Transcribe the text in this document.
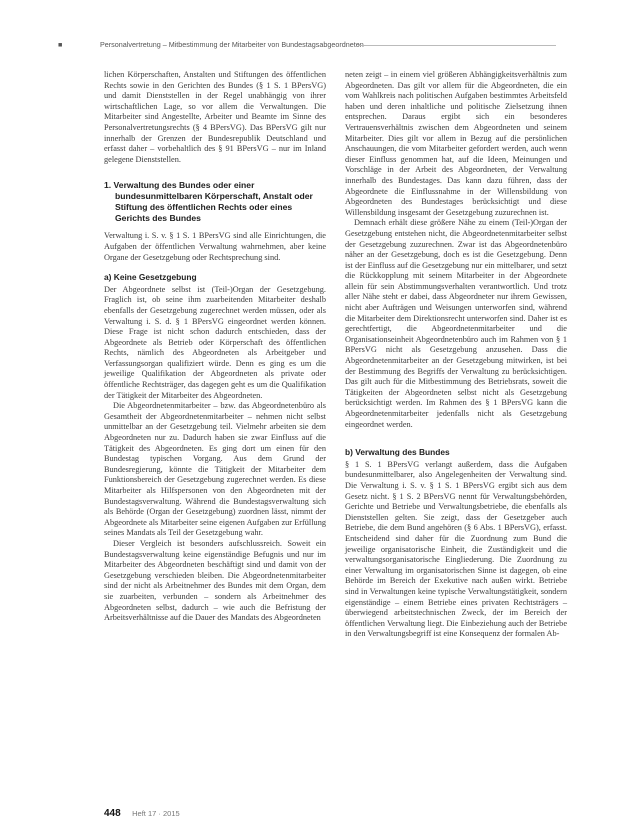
■	Personalvertretung – Mitbestimmung der Mitarbeiter von Bundestagsabgeordneten

lichen Körperschaften, Anstalten und Stiftungen des öffentlichen Rechts sowie in den Gerichten des Bundes (§ 1 S. 1 BPersVG) und damit Dienststellen in der Regel unabhängig von ihrer wirtschaftlichen Lage, so vor allem die Verwaltungen. Die Mitarbeiter sind Angestellte, Arbeiter und Beamte im Sinne des Personalvertretungsrechts (§ 4 BPersVG). Das BPersVG gilt nur innerhalb der Grenzen der Bundesrepublik Deutschland und erfasst daher – vorbehaltlich des § 91 BPersVG – nur im Inland gelegene Dienststellen.

1. Verwaltung des Bundes oder einer bundesunmittelbaren Körperschaft, Anstalt oder Stiftung des öffentlichen Rechts oder eines Gerichts des Bundes

Verwaltung i. S. v. § 1 S. 1 BPersVG sind alle Einrichtungen, die Aufgaben der öffentlichen Verwaltung wahrnehmen, aber keine Organe der Gesetzgebung oder Rechtsprechung sind.

a) Keine Gesetzgebung

Der Abgeordnete selbst ist (Teil-)Organ der Gesetzgebung. Fraglich ist, ob seine ihm zuarbeitenden Mitarbeiter deshalb ebenfalls der Gesetzgebung zugerechnet werden müssen, oder als Verwaltung i. S. d. § 1 BPersVG eingeordnet werden können. Diese Frage ist nicht schon dadurch entschieden, dass der Abgeordnete als Betrieb oder Körperschaft des öffentlichen Rechts, nämlich des Abgeordneten als Arbeitgeber und Verfassungsorgan qualifiziert würde. Denn es ging es um die jeweilige Qualifikation der Abgeordneten als private oder öffentliche Rechtsträger, das dagegen geht es um die Qualifikation der Tätigkeit der Mitarbeiter des Abgeordneten.

Die Abgeordnetenmitarbeiter – bzw. das Abgeordnetenbüro als Gesamtheit der Abgeordnetenmitarbeiter – nehmen nicht selbst unmittelbar an der Gesetzgebung teil. Vielmehr arbeiten sie dem Abgeordneten nur zu. Dadurch haben sie zwar Einfluss auf die Tätigkeit des Abgeordneten. Es ging dort um einen für den Bundestag typischen Vorgang. Aus dem Grund der Bundesregierung, könnte die Tätigkeit der Mitarbeiter dem Funktionsbereich der Gesetzgebung zugerechnet werden. Es diese Mitarbeiter als Hilfspersonen von den Abgeordneten mit der Bundestagsverwaltung. Während die Bundestagsverwaltung sich als Behörde (Organ der Gesetzgebung) zuordnen lässt, nimmt der Abgeordnete als Mitarbeiter seine eigenen Aufgaben zur Erfüllung seines Mandats als Teil der Gesetzgebung wahr.

Dieser Vergleich ist besonders aufschlussreich. Soweit ein Bundestagsverwaltung keine eigenständige Befugnis und nur im Mitarbeiter des Abgeordneten beschäftigt sind und damit von der Gesetzgebung verschieden bleiben. Die Abgeordnetenmitarbeiter sind der nicht als Arbeitnehmer des Bundes mit dem Organ, dem sie zuarbeiten, verbunden – sondern als Arbeitnehmer des Abgeordneten selbst, dadurch – wie auch die Befristung der Arbeitsverhältnisse auf die Dauer des Mandats des Abgeordneten

neten zeigt – in einem viel größeren Abhängigkeitsverhältnis zum Abgeordneten. Das gilt vor allem für die Abgeordneten, die ein vom Wahlkreis nach politischen Aufgaben bestimmtes Arbeitsfeld haben und deren inhaltliche und politische Zielsetzung ihnen entsprechen. Daraus ergibt sich ein besonderes Vertrauensverhältnis zwischen dem Abgeordneten und seinem Mitarbeiter. Dies gilt vor allem in Bezug auf die persönlichen Anschauungen, die vom Mitarbeiter gefordert werden, auch wenn dieser Einfluss genommen hat, auf die Ideen, Meinungen und Vorschläge in der Arbeit des Abgeordneten, der Verwaltung innerhalb des Bundestages. Das kann dazu führen, dass der Abgeordnete die Einflussnahme in der Willensbildung von Abgeordneten des Bundestages berücksichtigt und diese Willensbildung insgesamt der Gesetzgebung zuzurechnen ist.

Demnach erhält diese größere Nähe zu einem (Teil-)Organ der Gesetzgebung entstehen nicht, die Abgeordnetenmitarbeiter selbst der Gesetzgebung zuzurechnen. Zwar ist das Abgeordnetenbüro näher an der Gesetzgebung, doch es ist die Gesetzgebung. Denn ist der Einfluss auf die Gesetzgebung nur ein mittelbarer, und setzt die Rückkopplung mit seinem Mitarbeiter in der Abgeordnete allein für sein Abstimmungsverhalten verantwortlich. Und trotz aller Nähe steht er dabei, dass Abgeordneter nur ihrem Gewissen, nicht aber Aufträgen und Weisungen unterworfen sind, während die Mitarbeiter dem Direktionsrecht unterworfen sind. Daher ist es gerechtfertigt, die Abgeordnetenmitarbeiter und die Organisationseinheit Abgeordnetenbüro auch im Rahmen von § 1 BPersVG nicht als Gesetzgebung anzusehen. Dass die Abgeordnetenmitarbeiter an der Gesetzgebung mitwirken, ist bei der Bestimmung des Begriffs der Verwaltung zu berücksichtigen. Das gilt auch für die Mitbestimmung des Betriebsrats, soweit die Tätigkeiten der Abgeordneten selbst nicht als Gesetzgebung berücksichtigt werden. Im Rahmen des § 1 BPersVG kann die Abgeordnetenmitarbeiter jedenfalls nicht als Gesetzgebung eingeordnet werden.

b) Verwaltung des Bundes

§ 1 S. 1 BPersVG verlangt außerdem, dass die Aufgaben bundesunmittelbarer, also Angelegenheiten der Verwaltung sind. Die Verwaltung i. S. v. § 1 S. 1 BPersVG ergibt sich aus dem Gesetz nicht. § 1 S. 2 BPersVG nennt für Verwaltungsbehörden, Gerichte und Betriebe und Verwaltungsbetriebe, die ebenfalls als Dienststellen gelten. Sie zeigt, dass der Gesetzgeber auch Betriebe, die dem Bund angehören (§ 6 Abs. 1 BPersVG), erfasst. Entscheidend sind daher für die Zuordnung zum Bund die jeweilige organisatorische Einheit, die Zuständigkeit und die verwaltungsorganisatorische Eingliederung. Die Zuordnung zu einer Verwaltung im organisatorischen Sinne ist dagegen, ob eine Behörde im Bereich der Exekutive nach außen wirkt. Betriebe sind in Verwaltungen keine typische Verwaltungstätigkeit, sondern eigenständige – einem Betriebe eines privaten Rechtsträgers – überwiegend arbeitstechnischen Zweck, der im Bereich der öffentlichen Verwaltung liegt. Die Einbeziehung auch der Betriebe in den Verwaltungsbegriff ist eine Konsequenz der formalen Ab-

448 Heft 17 · 2015
